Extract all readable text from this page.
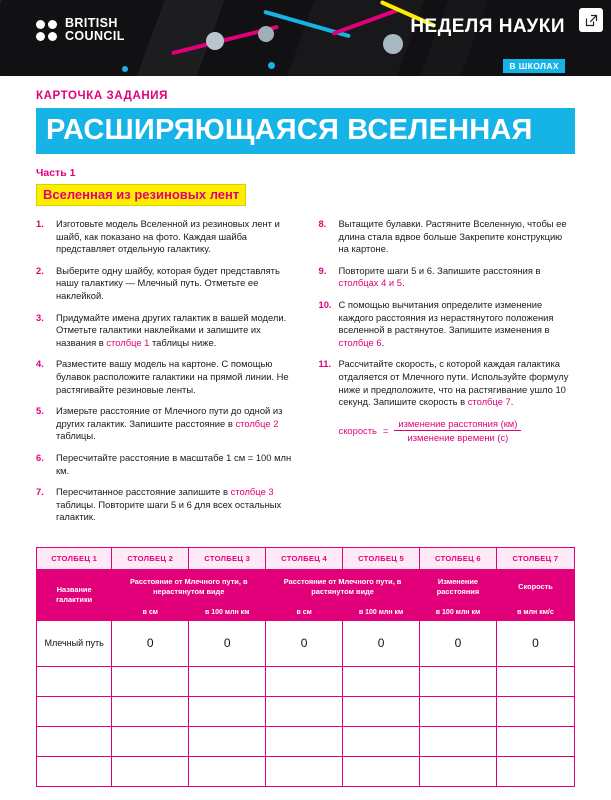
BRITISH
COUNCIL	НЕДЕЛЯ НАУКИ

В ШКОЛАХ
КАРТОЧКА ЗАДАНИЯ
РАСШИРЯЮЩАЯСЯ ВСЕЛЕННАЯ
Часть 1
Вселенная из резиновых лент
1.	Изготовьте модель Вселенной из резиновых лент и шайб, как показано на фото. Каждая шайба представляет отдельную галактику.
2.	Выберите одну шайбу, которая будет представлять нашу галактику — Млечный путь. Отметьте ее наклейкой.
3.	Придумайте имена других галактик в вашей модели. Отметьте галактики наклейками и запишите их названия в столбце 1 таблицы ниже.
4.	Разместите вашу модель на картоне. С помощью булавок расположите галактики на прямой линии. Не растягивайте резиновые ленты.
5.	Измерьте расстояние от Млечного пути до одной из других галактик. Запишите расстояние в столбце 2 таблицы.
6.	Пересчитайте расстояние в масштабе 1 см = 100 млн км.
7.	Пересчитанное расстояние запишите в столбце 3 таблицы. Повторите шаги 5 и 6 для всех остальных галактик.
8.	Вытащите булавки. Растяните Вселенную, чтобы ее длина стала вдвое больше Закрепите конструкцию на картоне.
9.	Повторите шаги 5 и 6. Запишите расстояния в столбцах 4 и 5.
10. С помощью вычитания определите изменение каждого расстояния из нерастянутого положения вселенной в растянутое. Запишите изменения в столбце 6.
11. Рассчитайте скорость, с которой каждая галактика отдаляется от Млечного пути. Используйте формулу ниже и предположите, что на растягивание ушло 10 секунд. Запишите скорость в столбце 7.
скорость = $\frac{\text{изменение расстояния (км)}}{\text{изменение времени (с)}}$
СТОЛБЕЦ 1	СТОЛБЕЦ 2	СТОЛБЕЦ 3	СТОЛБЕЦ 4	СТОЛБЕЦ 5	СТОЛБЕЦ 6	СТОЛБЕЦ 7
Название галактики	Расстояние от Млечного пути, в нерастянутом виде		Расстояние от Млечного пути, в растянутом виде		Изменение расстояния	Скорость
	в см	в 100 млн км	в см	в 100 млн км	в 100 млн км	в млн км/с
Млечный путь	0	0	0	0	0	0
